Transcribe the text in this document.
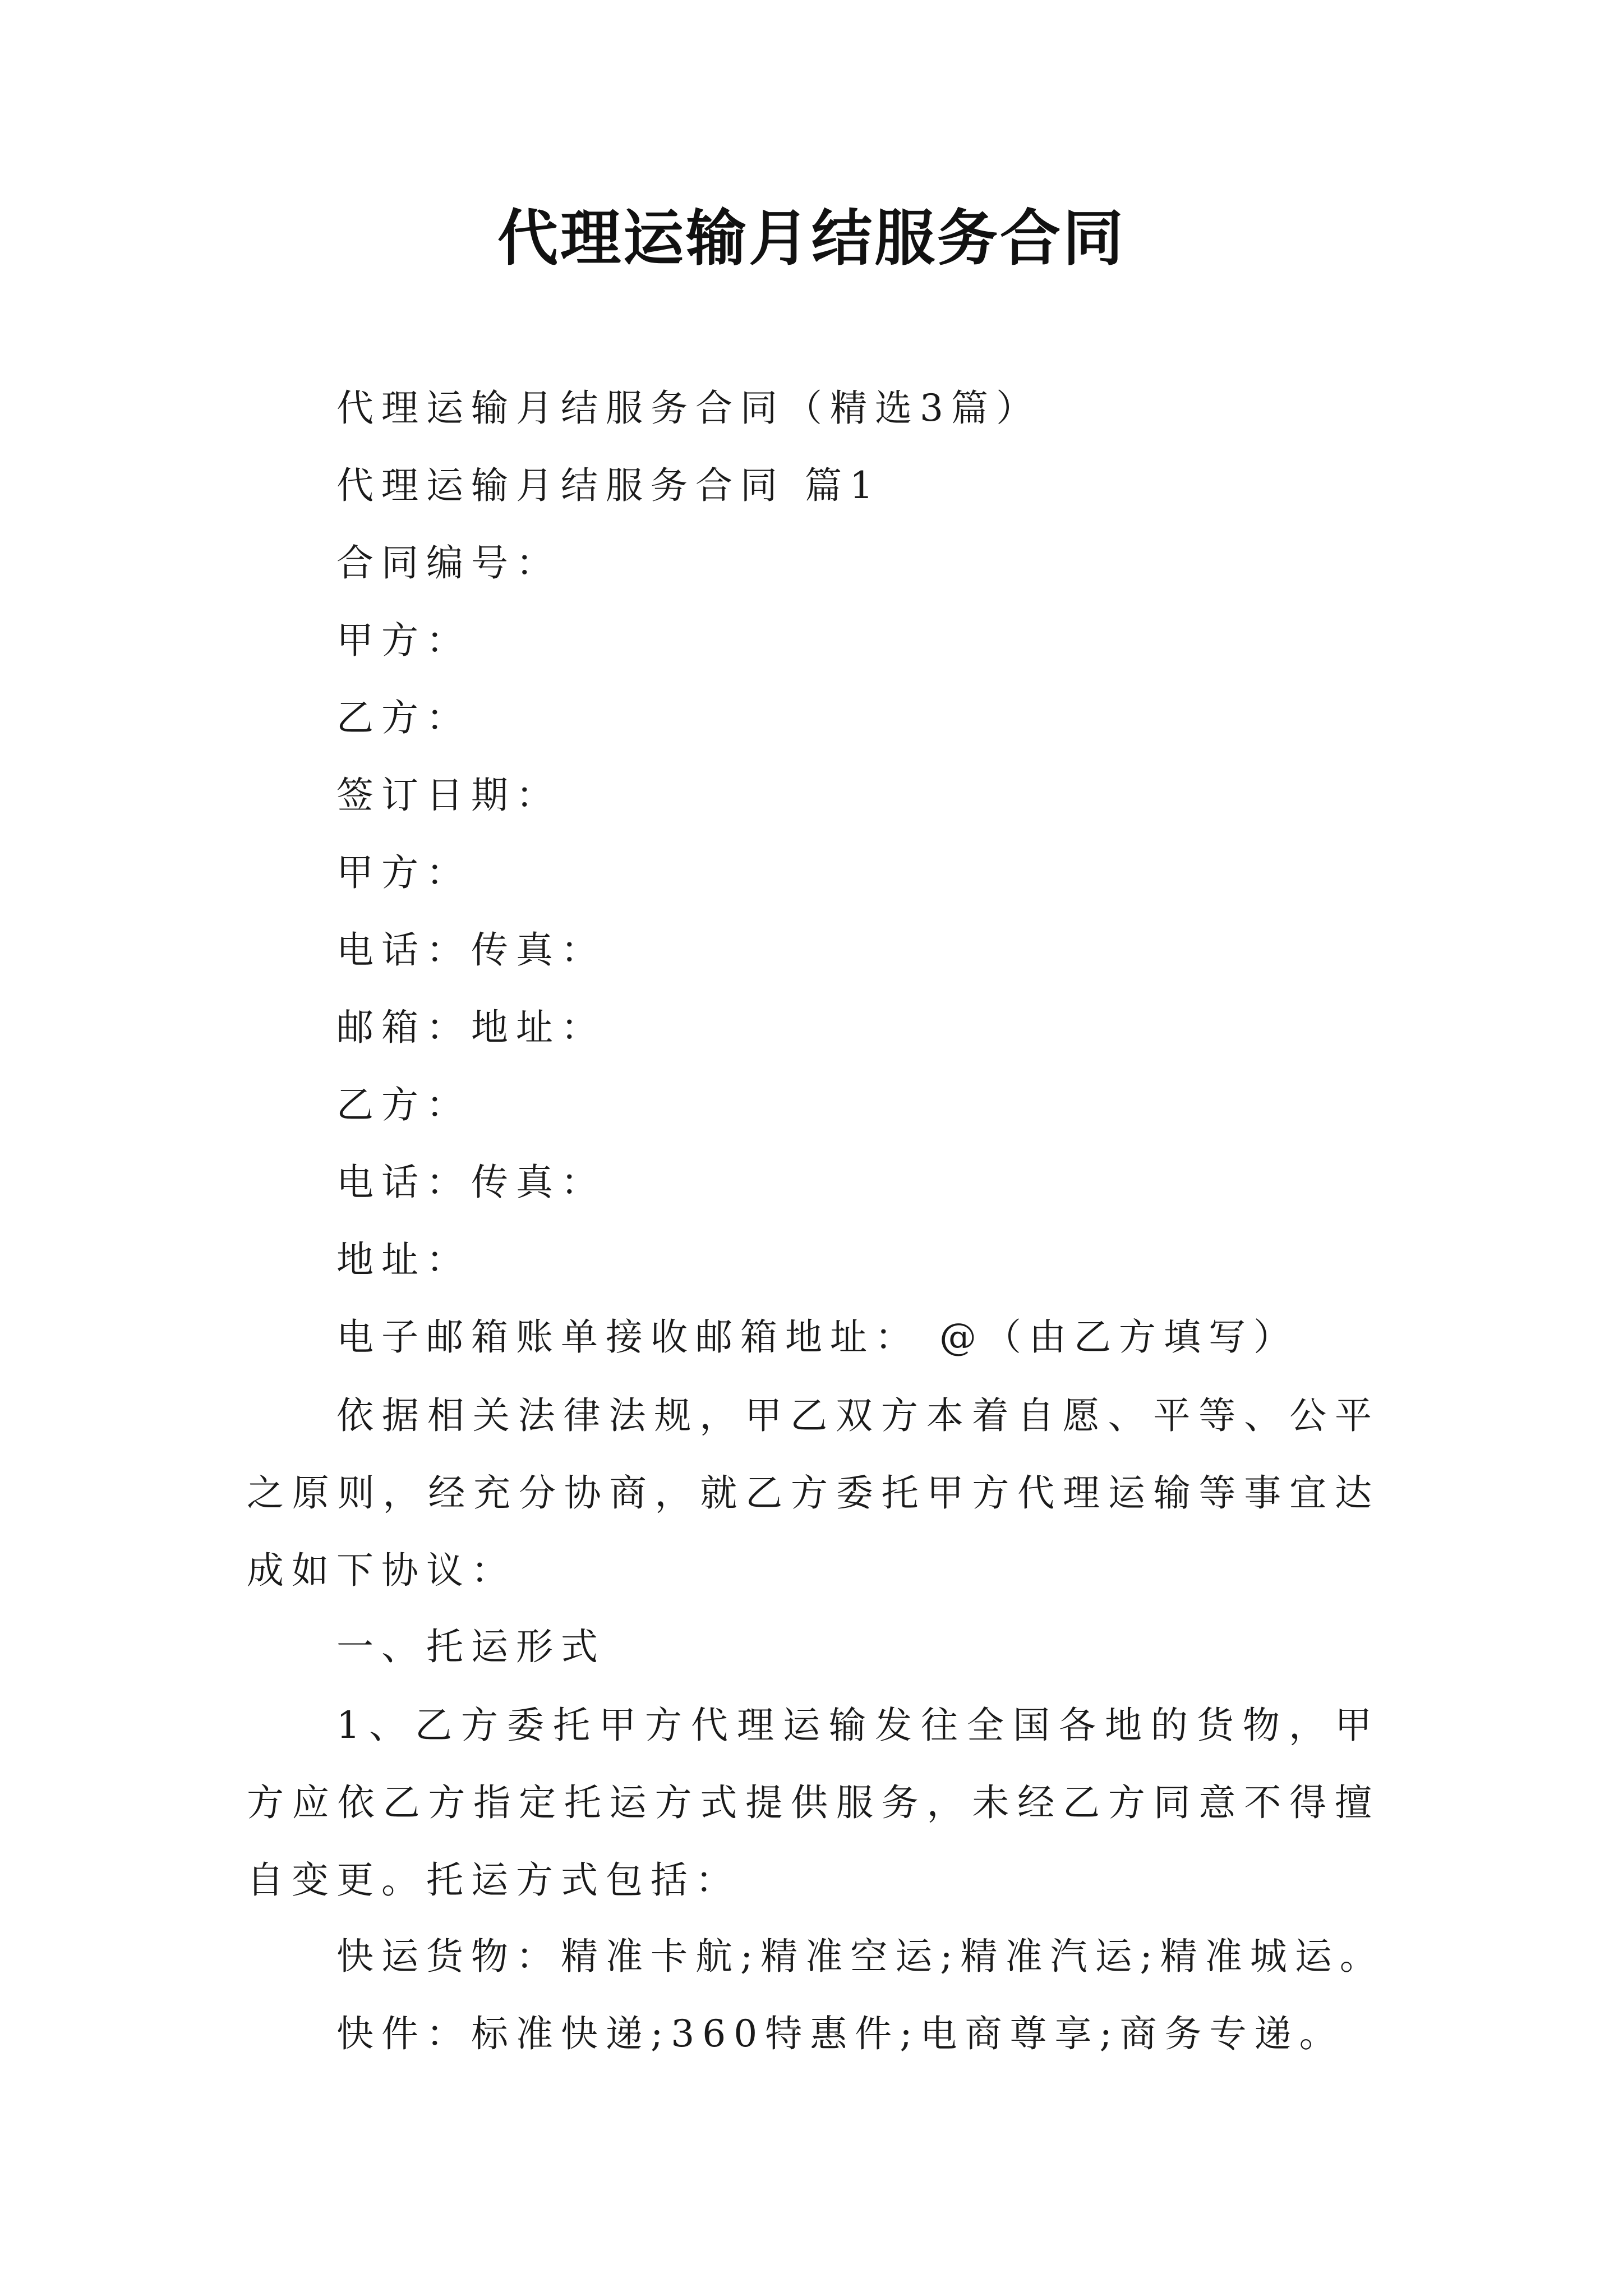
代理运输月结服务合同

代理运输月结服务合同（精选3篇）

代理运输月结服务合同 篇1

合同编号：

甲方：

乙方：

签订日期：

甲方：

电话：传真：

邮箱：地址：

乙方：

电话：传真：

地址：

电子邮箱账单接收邮箱地址： @（由乙方填写）

依据相关法律法规，甲乙双方本着自愿、平等、公平之原则，经充分协商，就乙方委托甲方代理运输等事宜达成如下协议：

一、托运形式

1、乙方委托甲方代理运输发往全国各地的货物，甲方应依乙方指定托运方式提供服务，未经乙方同意不得擅自变更。托运方式包括：

快运货物：精准卡航;精准空运;精准汽运;精准城运。

快件：标准快递;360特惠件;电商尊享;商务专递。
